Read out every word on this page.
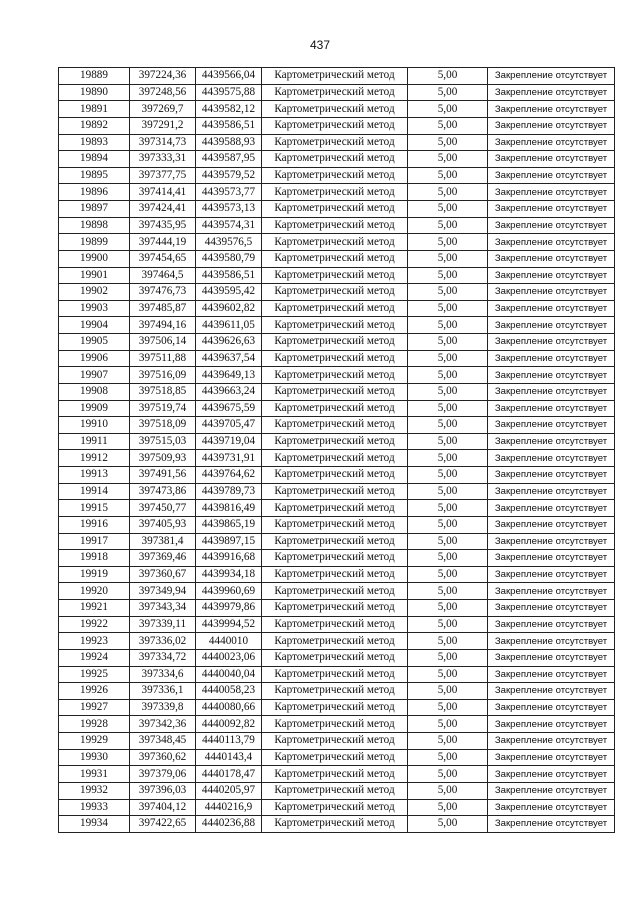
437
19889	397224,36	4439566,04	Картометрический метод	5,00	Закрепление отсутствует
19890	397248,56	4439575,88	Картометрический метод	5,00	Закрепление отсутствует
19891	397269,7	4439582,12	Картометрический метод	5,00	Закрепление отсутствует
19892	397291,2	4439586,51	Картометрический метод	5,00	Закрепление отсутствует
19893	397314,73	4439588,93	Картометрический метод	5,00	Закрепление отсутствует
19894	397333,31	4439587,95	Картометрический метод	5,00	Закрепление отсутствует
19895	397377,75	4439579,52	Картометрический метод	5,00	Закрепление отсутствует
19896	397414,41	4439573,77	Картометрический метод	5,00	Закрепление отсутствует
19897	397424,41	4439573,13	Картометрический метод	5,00	Закрепление отсутствует
19898	397435,95	4439574,31	Картометрический метод	5,00	Закрепление отсутствует
19899	397444,19	4439576,5	Картометрический метод	5,00	Закрепление отсутствует
19900	397454,65	4439580,79	Картометрический метод	5,00	Закрепление отсутствует
19901	397464,5	4439586,51	Картометрический метод	5,00	Закрепление отсутствует
19902	397476,73	4439595,42	Картометрический метод	5,00	Закрепление отсутствует
19903	397485,87	4439602,82	Картометрический метод	5,00	Закрепление отсутствует
19904	397494,16	4439611,05	Картометрический метод	5,00	Закрепление отсутствует
19905	397506,14	4439626,63	Картометрический метод	5,00	Закрепление отсутствует
19906	397511,88	4439637,54	Картометрический метод	5,00	Закрепление отсутствует
19907	397516,09	4439649,13	Картометрический метод	5,00	Закрепление отсутствует
19908	397518,85	4439663,24	Картометрический метод	5,00	Закрепление отсутствует
19909	397519,74	4439675,59	Картометрический метод	5,00	Закрепление отсутствует
19910	397518,09	4439705,47	Картометрический метод	5,00	Закрепление отсутствует
19911	397515,03	4439719,04	Картометрический метод	5,00	Закрепление отсутствует
19912	397509,93	4439731,91	Картометрический метод	5,00	Закрепление отсутствует
19913	397491,56	4439764,62	Картометрический метод	5,00	Закрепление отсутствует
19914	397473,86	4439789,73	Картометрический метод	5,00	Закрепление отсутствует
19915	397450,77	4439816,49	Картометрический метод	5,00	Закрепление отсутствует
19916	397405,93	4439865,19	Картометрический метод	5,00	Закрепление отсутствует
19917	397381,4	4439897,15	Картометрический метод	5,00	Закрепление отсутствует
19918	397369,46	4439916,68	Картометрический метод	5,00	Закрепление отсутствует
19919	397360,67	4439934,18	Картометрический метод	5,00	Закрепление отсутствует
19920	397349,94	4439960,69	Картометрический метод	5,00	Закрепление отсутствует
19921	397343,34	4439979,86	Картометрический метод	5,00	Закрепление отсутствует
19922	397339,11	4439994,52	Картометрический метод	5,00	Закрепление отсутствует
19923	397336,02	4440010	Картометрический метод	5,00	Закрепление отсутствует
19924	397334,72	4440023,06	Картометрический метод	5,00	Закрепление отсутствует
19925	397334,6	4440040,04	Картометрический метод	5,00	Закрепление отсутствует
19926	397336,1	4440058,23	Картометрический метод	5,00	Закрепление отсутствует
19927	397339,8	4440080,66	Картометрический метод	5,00	Закрепление отсутствует
19928	397342,36	4440092,82	Картометрический метод	5,00	Закрепление отсутствует
19929	397348,45	4440113,79	Картометрический метод	5,00	Закрепление отсутствует
19930	397360,62	4440143,4	Картометрический метод	5,00	Закрепление отсутствует
19931	397379,06	4440178,47	Картометрический метод	5,00	Закрепление отсутствует
19932	397396,03	4440205,97	Картометрический метод	5,00	Закрепление отсутствует
19933	397404,12	4440216,9	Картометрический метод	5,00	Закрепление отсутствует
19934	397422,65	4440236,88	Картометрический метод	5,00	Закрепление отсутствует
